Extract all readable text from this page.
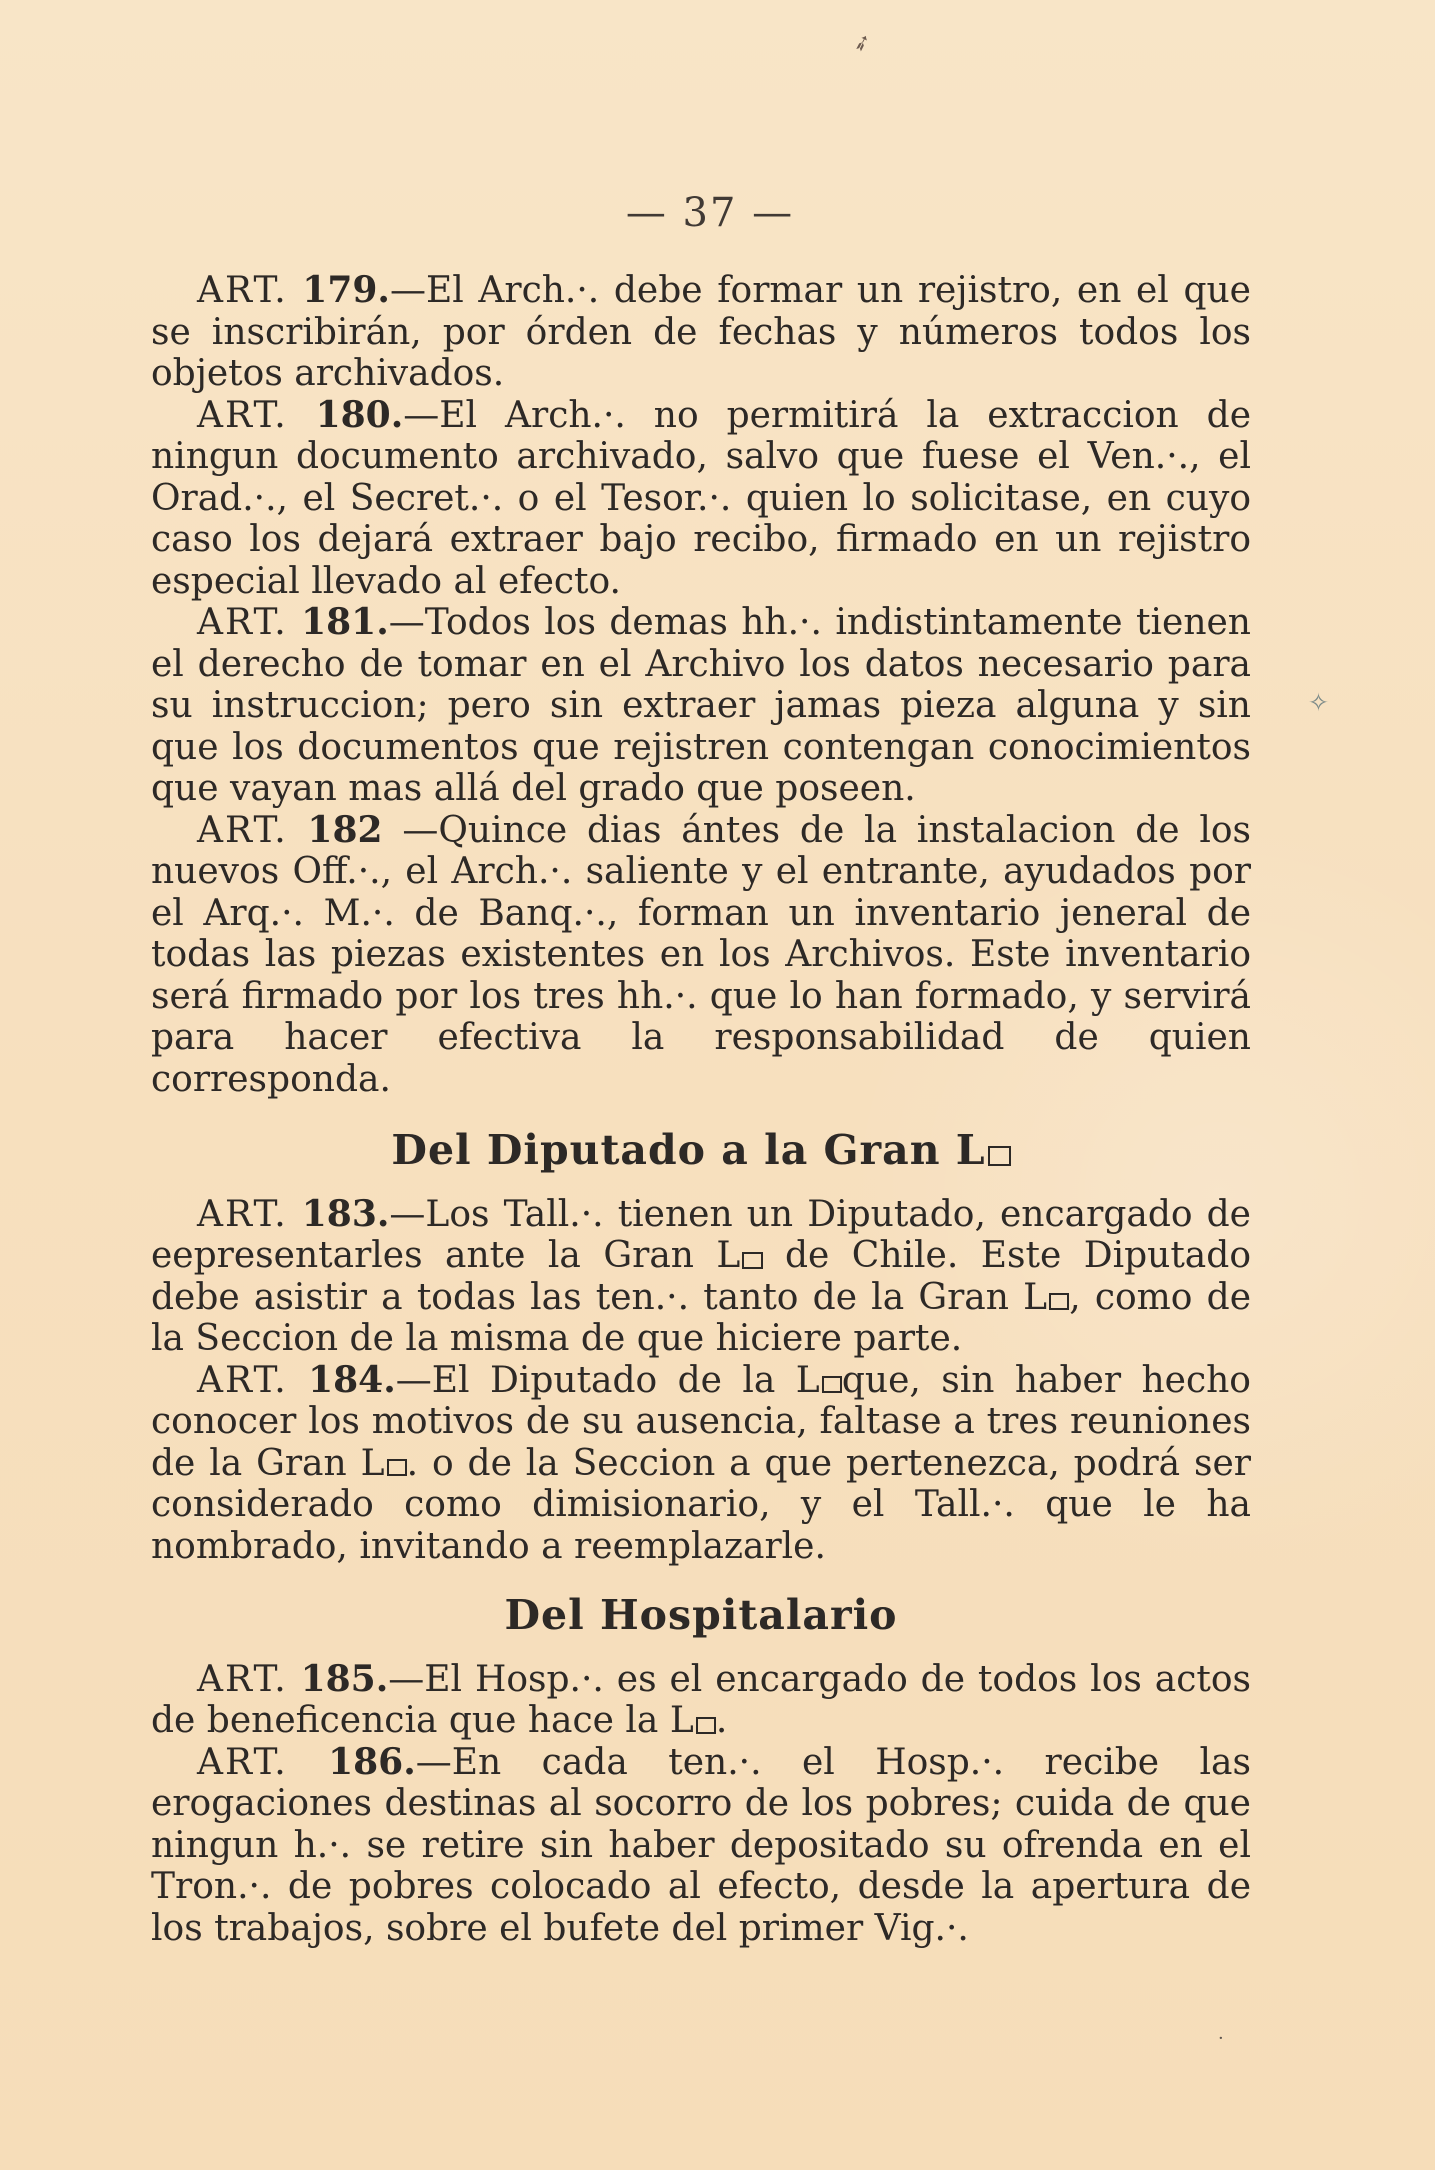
➶
— 37 —
✧
·

ART. 179.—El Arch.·. debe formar un rejistro, en el que se inscribirán, por órden de fechas y números todos los objetos archivados.

ART. 180.—El Arch.·. no permitirá la extraccion de ningun documento archivado, salvo que fuese el Ven.·., el Orad.·., el Secret.·. o el Tesor.·. quien lo solicitase, en cuyo caso los dejará extraer bajo recibo, firmado en un rejistro especial llevado al efecto.

ART. 181.—Todos los demas hh.·. indistintamente tienen el derecho de tomar en el Archivo los datos necesario para su instruccion; pero sin extraer jamas pieza alguna y sin que los documentos que rejistren contengan conocimientos que vayan mas allá del grado que poseen.

ART. 182 —Quince dias ántes de la instalacion de los nuevos Off.·., el Arch.·. saliente y el entrante, ayudados por el Arq.·. M.·. de Banq.·., forman un inventario jeneral de todas las piezas existentes en los Archivos. Este inventario será firmado por los tres hh.·. que lo han formado, y servirá para hacer efectiva la responsabilidad de quien corresponda.

Del Diputado a la Gran L

ART. 183.—Los Tall.·. tienen un Diputado, encargado de eepresentarles ante la Gran L de Chile. Este Diputado debe asistir a todas las ten.·. tanto de la Gran L , como de la Seccion de la misma de que hiciere parte.

ART. 184.—El Diputado de la L que, sin haber hecho conocer los motivos de su ausencia, faltase a tres reuniones de la Gran L . o de la Seccion a que pertenezca, podrá ser considerado como dimisionario, y el Tall.·. que le ha nombrado, invitando a reemplazarle.

Del Hospitalario

ART. 185.—El Hosp.·. es el encargado de todos los actos de beneficencia que hace la L .

ART. 186.—En cada ten.·. el Hosp.·. recibe las erogaciones destinas al socorro de los pobres; cuida de que ningun h.·. se retire sin haber depositado su ofrenda en el Tron.·. de pobres colocado al efecto, desde la apertura de los trabajos, sobre el bufete del primer Vig.·.
